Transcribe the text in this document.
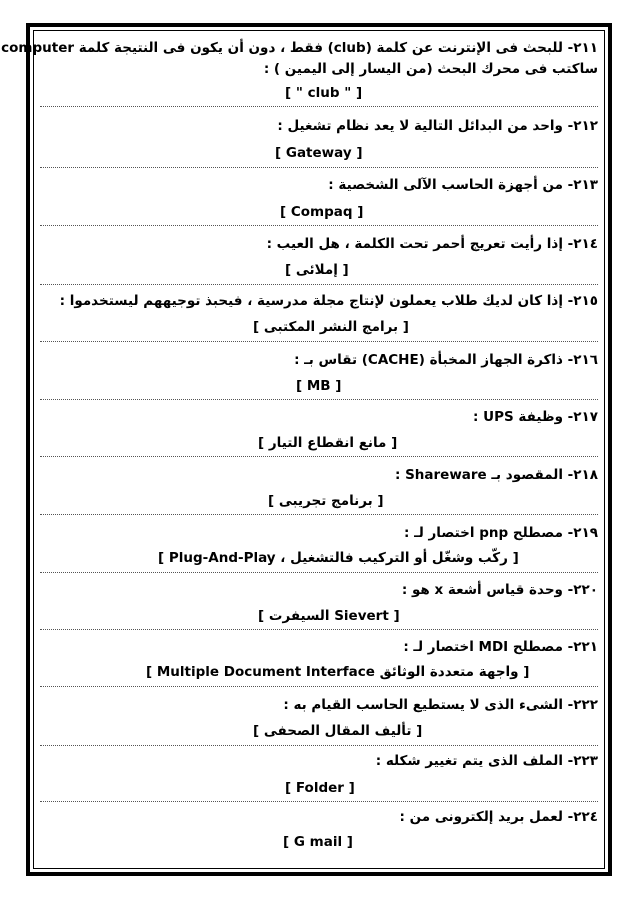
٢١١- للبحث فى الإنترنت عن كلمة (club) فقط ، دون أن يكون فى النتيجة كلمة computer
ساكتب فى محرك البحث (من اليسار إلى اليمين ) :
[ " club " ]
٢١٢- واحد من البدائل التالية لا يعد نظام تشغيل :
[ Gateway ]
٢١٣- من أجهزة الحاسب الآلى الشخصية :
[ Compaq ]
٢١٤- إذا رأيت تعريج أحمر تحت الكلمة ، هل العيب :
[ إملائى ]
٢١٥- إذا كان لديك طلاب يعملون لإنتاج مجلة مدرسية ، فيحبذ توجيههم ليستخدموا :
[ برامج النشر المكتبى ]
٢١٦- ذاكرة الجهاز المخبأة (CACHE) تقاس بـ :
[ MB ]
٢١٧- وظيفة UPS :
[ مانع انقطاع التيار ]
٢١٨- المقصود بـ Shareware :
[ برنامج تجريبى ]
٢١٩- مصطلح pnp اختصار لـ :
[ Plug-And-Play ، ركّب وشغّل أو التركيب فالتشغيل ]
٢٢٠- وحدة قياس أشعة x هو :
[ السيفرت Sievert ]
٢٢١- مصطلح MDI اختصار لـ :
[ Multiple Document Interface واجهة متعددة الوثائق ]
٢٢٢- الشىء الذى لا يستطيع الحاسب القيام به :
[ تأليف المقال الصحفى ]
٢٢٣- الملف الذى يتم تغيير شكله :
[ Folder ]
٢٢٤- لعمل بريد إلكترونى من :
[ G mail ]
